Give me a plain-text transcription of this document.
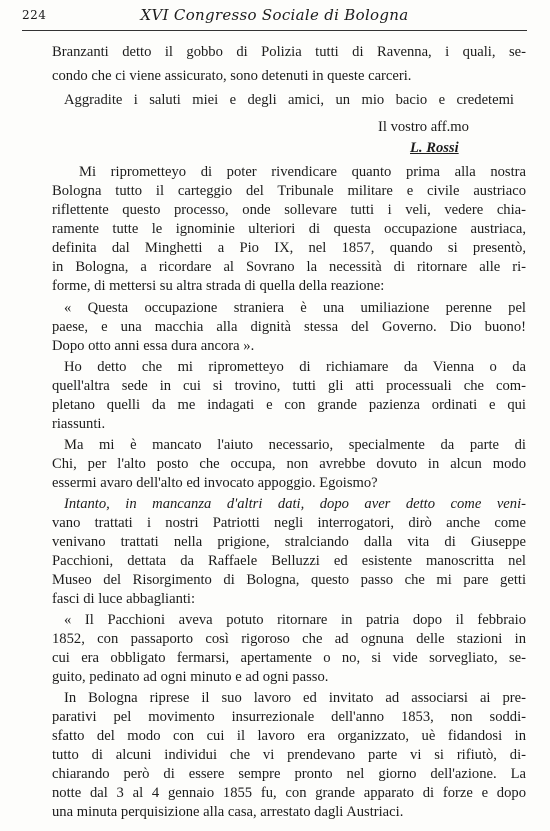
224	XVI Congresso Sociale di Bologna
Branzanti detto il gobbo di Polizia tutti di Ravenna, i quali, se-
condo che ci viene assicurato, sono detenuti in queste carceri.
Aggradite i saluti miei e degli amici, un mio bacio e credetemi
Il vostro aff.mo
L. Rossi
Mi riprometteyo di poter rivendicare quanto prima alla nostra
Bologna tutto il carteggio del Tribunale militare e civile austriaco
riflettente questo processo, onde sollevare tutti i veli, vedere chia-
ramente tutte le ignominie ulteriori di questa occupazione austriaca,
definita dal Minghetti a Pio IX, nel 1857, quando si presentò,
in Bologna, a ricordare al Sovrano la necessità di ritornare alle ri-
forme, di mettersi su altra strada di quella della reazione:
« Questa occupazione straniera è una umiliazione perenne pel
paese, e una macchia alla dignità stessa del Governo. Dio buono!
Dopo otto anni essa dura ancora ».
Ho detto che mi riprometteyo di richiamare da Vienna o da
quell'altra sede in cui si trovino, tutti gli atti processuali che com-
pletano quelli da me indagati e con grande pazienza ordinati e qui
riassunti.
Ma mi è mancato l'aiuto necessario, specialmente da parte di
Chi, per l'alto posto che occupa, non avrebbe dovuto in alcun modo
essermi avaro dell'alto ed invocato appoggio. Egoismo?
Intanto, in mancanza d'altri dati, dopo aver detto come veni-
vano trattati i nostri Patriotti negli interrogatori, dirò anche come
venivano trattati nella prigione, stralciando dalla vita di Giuseppe
Pacchioni, dettata da Raffaele Belluzzi ed esistente manoscritta nel
Museo del Risorgimento di Bologna, questo passo che mi pare getti
fasci di luce abbaglianti:
« Il Pacchioni aveva potuto ritornare in patria dopo il febbraio
1852, con passaporto così rigoroso che ad ognuna delle stazioni in
cui era obbligato fermarsi, apertamente o no, si vide sorvegliato, se-
guito, pedinato ad ogni minuto e ad ogni passo.
In Bologna riprese il suo lavoro ed invitato ad associarsi ai pre-
parativi pel movimento insurrezionale dell'anno 1853, non soddi-
sfatto del modo con cui il lavoro era organizzato, uè fidandosi in
tutto di alcuni individui che vi prendevano parte vi si rifiutò, di-
chiarando però di essere sempre pronto nel giorno dell'azione. La
notte dal 3 al 4 gennaio 1855 fu, con grande apparato di forze e dopo
una minuta perquisizione alla casa, arrestato dagli Austriaci.
